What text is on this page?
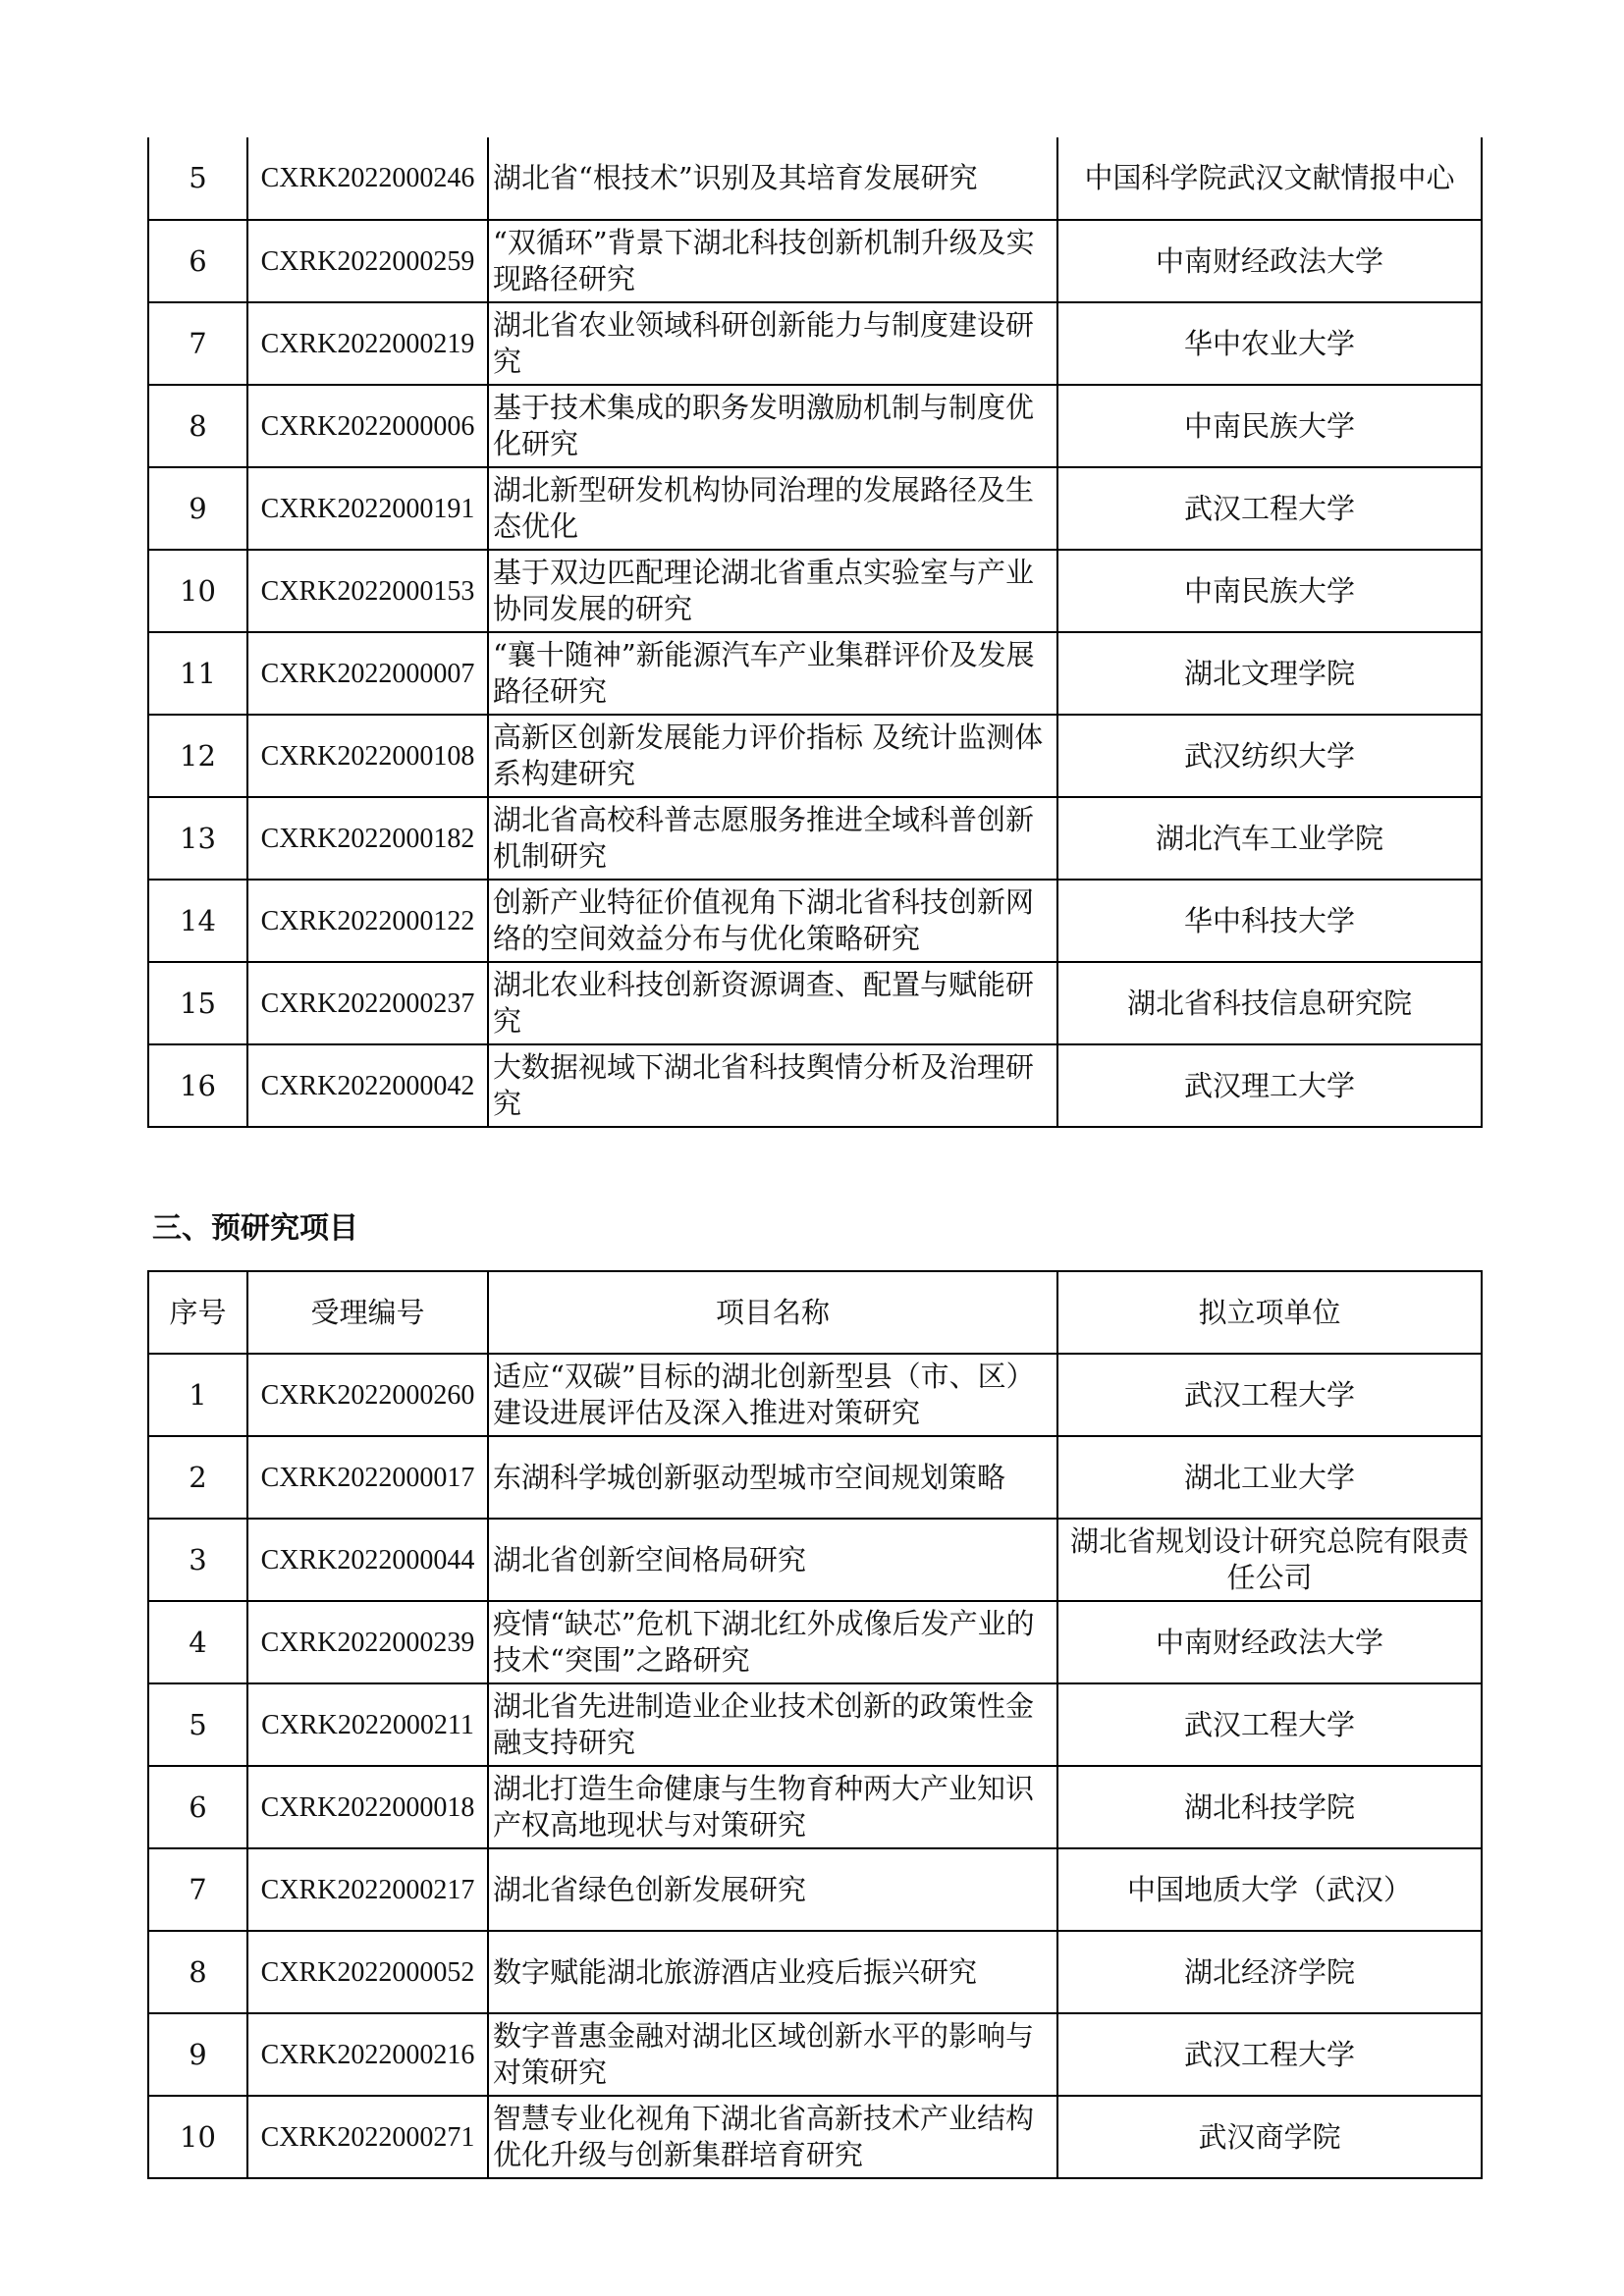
5	CXRK2022000246	湖北省“根技术”识别及其培育发展研究	中国科学院武汉文献情报中心
6	CXRK2022000259	“双循环”背景下湖北科技创新机制升级及实现路径研究	中南财经政法大学
7	CXRK2022000219	湖北省农业领域科研创新能力与制度建设研究	华中农业大学
8	CXRK2022000006	基于技术集成的职务发明激励机制与制度优化研究	中南民族大学
9	CXRK2022000191	湖北新型研发机构协同治理的发展路径及生态优化	武汉工程大学
10	CXRK2022000153	基于双边匹配理论湖北省重点实验室与产业协同发展的研究	中南民族大学
11	CXRK2022000007	“襄十随神”新能源汽车产业集群评价及发展路径研究	湖北文理学院
12	CXRK2022000108	高新区创新发展能力评价指标 及统计监测体系构建研究	武汉纺织大学
13	CXRK2022000182	湖北省高校科普志愿服务推进全域科普创新机制研究	湖北汽车工业学院
14	CXRK2022000122	创新产业特征价值视角下湖北省科技创新网络的空间效益分布与优化策略研究	华中科技大学
15	CXRK2022000237	湖北农业科技创新资源调查、配置与赋能研究	湖北省科技信息研究院
16	CXRK2022000042	大数据视域下湖北省科技舆情分析及治理研究	武汉理工大学
三、预研究项目
序号	受理编号	项目名称	拟立项单位
1	CXRK2022000260	适应“双碳”目标的湖北创新型县（市、区）建设进展评估及深入推进对策研究	武汉工程大学
2	CXRK2022000017	东湖科学城创新驱动型城市空间规划策略	湖北工业大学
3	CXRK2022000044	湖北省创新空间格局研究	湖北省规划设计研究总院有限责任公司
4	CXRK2022000239	疫情“缺芯”危机下湖北红外成像后发产业的技术“突围”之路研究	中南财经政法大学
5	CXRK2022000211	湖北省先进制造业企业技术创新的政策性金融支持研究	武汉工程大学
6	CXRK2022000018	湖北打造生命健康与生物育种两大产业知识产权高地现状与对策研究	湖北科技学院
7	CXRK2022000217	湖北省绿色创新发展研究	中国地质大学（武汉）
8	CXRK2022000052	数字赋能湖北旅游酒店业疫后振兴研究	湖北经济学院
9	CXRK2022000216	数字普惠金融对湖北区域创新水平的影响与对策研究	武汉工程大学
10	CXRK2022000271	智慧专业化视角下湖北省高新技术产业结构优化升级与创新集群培育研究	武汉商学院
